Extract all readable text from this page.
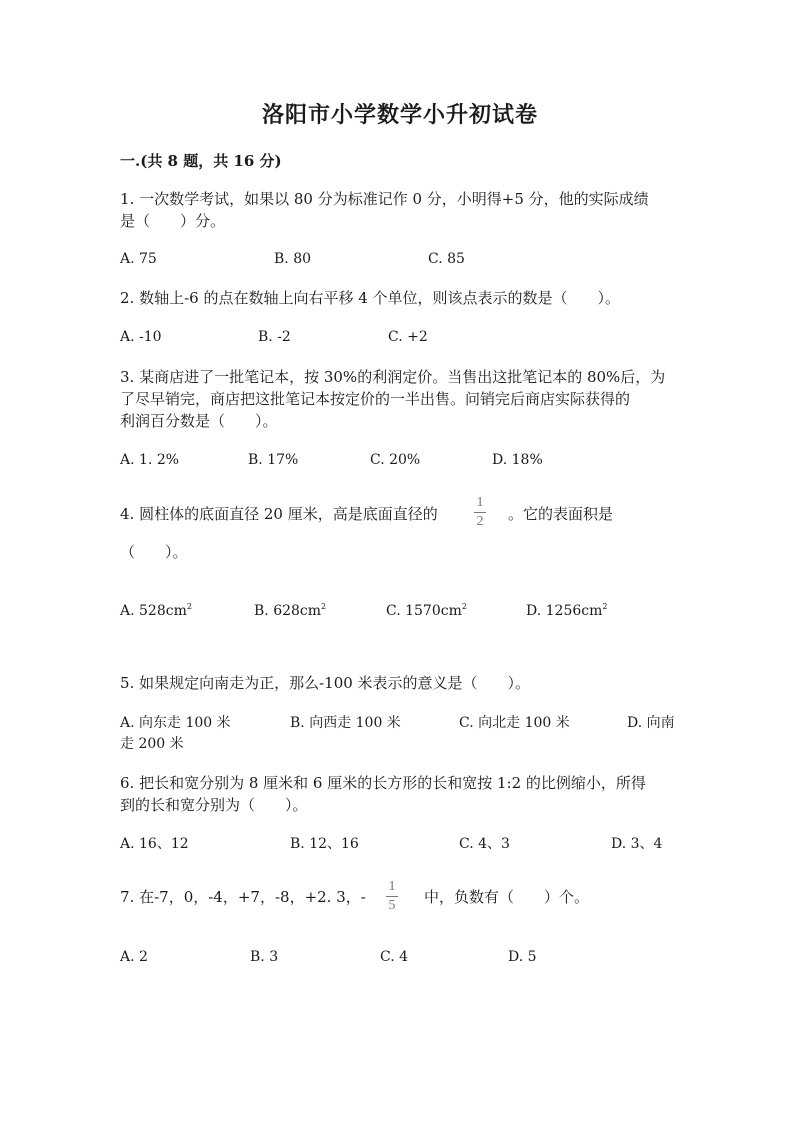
洛阳市小学数学小升初试卷
一.(共 8 题，共 16 分)
1. 一次数学考试，如果以 80 分为标准记作 0 分，小明得+5 分，他的实际成绩
是（　　）分。
A. 75	B. 80	C. 85
2. 数轴上-6 的点在数轴上向右平移 4 个单位，则该点表示的数是（　　）。
A. -10	B. -2	C. +2
3. 某商店进了一批笔记本，按 30%的利润定价。当售出这批笔记本的 80%后，为
了尽早销完，商店把这批笔记本按定价的一半出售。问销完后商店实际获得的
利润百分数是（　　）。
A. 1. 2%	B. 17%	C. 20%	D. 18%
4. 圆柱体的底面直径 20 厘米，高是底面直径的
1
2	。它的表面积是
（　　）。
A. $528cm^2$	B. $628cm^2$	C. $1570cm^2$	D. $1256cm^2$
5. 如果规定向南走为正，那么-100 米表示的意义是（　　）。
A. 向东走 100 米	B. 向西走 100 米	C. 向北走 100 米	D. 向南
走 200 米
6. 把长和宽分别为 8 厘米和 6 厘米的长方形的长和宽按 1:2 的比例缩小，所得
到的长和宽分别为（　　）。
A. 16、12	B. 12、16	C. 4、3	D. 3、4
7. 在-7，0，-4，+7，-8，+2. 3，-
1
5	中，负数有（　　）个。
A. 2	B. 3	C. 4	D. 5
